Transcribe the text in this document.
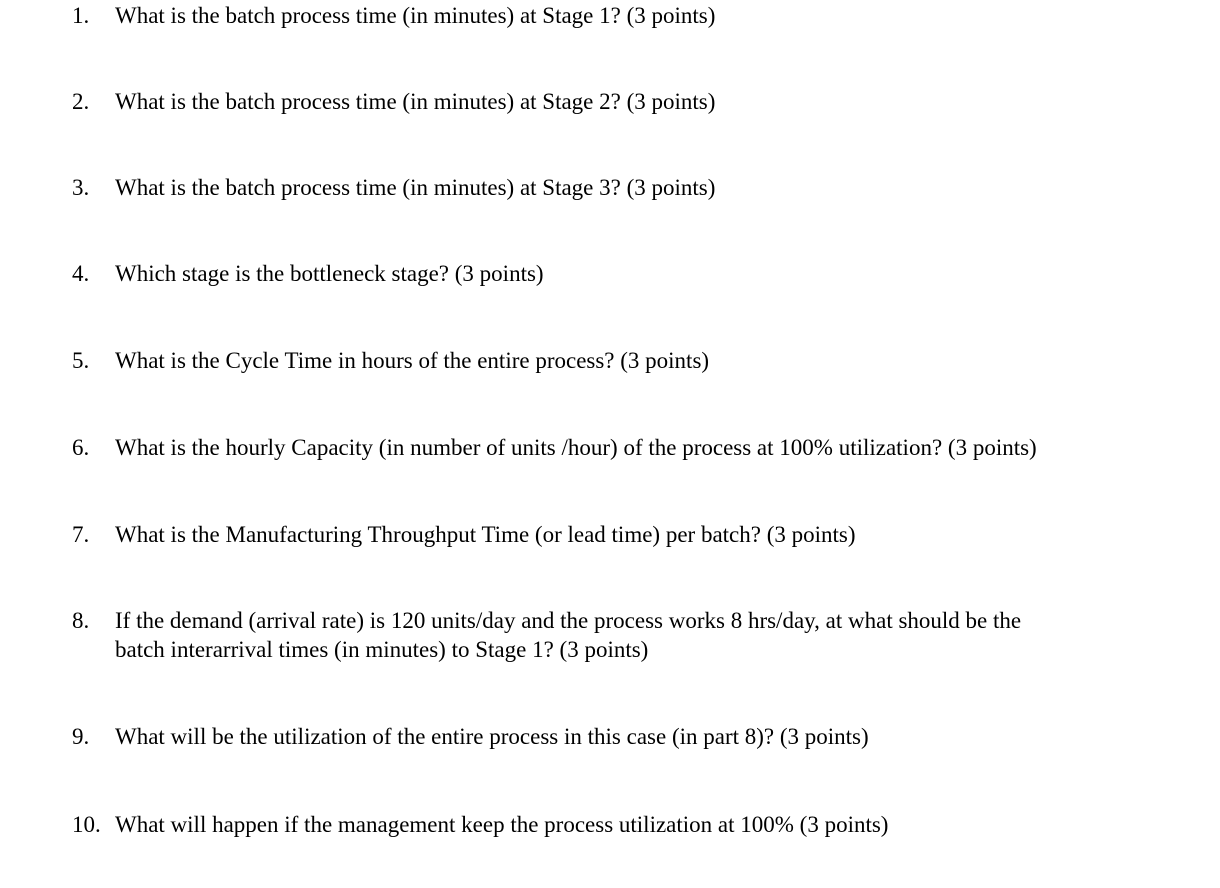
1. What is the batch process time (in minutes) at Stage 1? (3 points)
2. What is the batch process time (in minutes) at Stage 2? (3 points)
3. What is the batch process time (in minutes) at Stage 3? (3 points)
4. Which stage is the bottleneck stage? (3 points)
5. What is the Cycle Time in hours of the entire process? (3 points)
6. What is the hourly Capacity (in number of units /hour) of the process at 100% utilization? (3 points)
7. What is the Manufacturing Throughput Time (or lead time) per batch? (3 points)
8. If the demand (arrival rate) is 120 units/day and the process works 8 hrs/day, at what should be the
batch interarrival times (in minutes) to Stage 1? (3 points)
9. What will be the utilization of the entire process in this case (in part 8)? (3 points)
10. What will happen if the management keep the process utilization at 100% (3 points)
